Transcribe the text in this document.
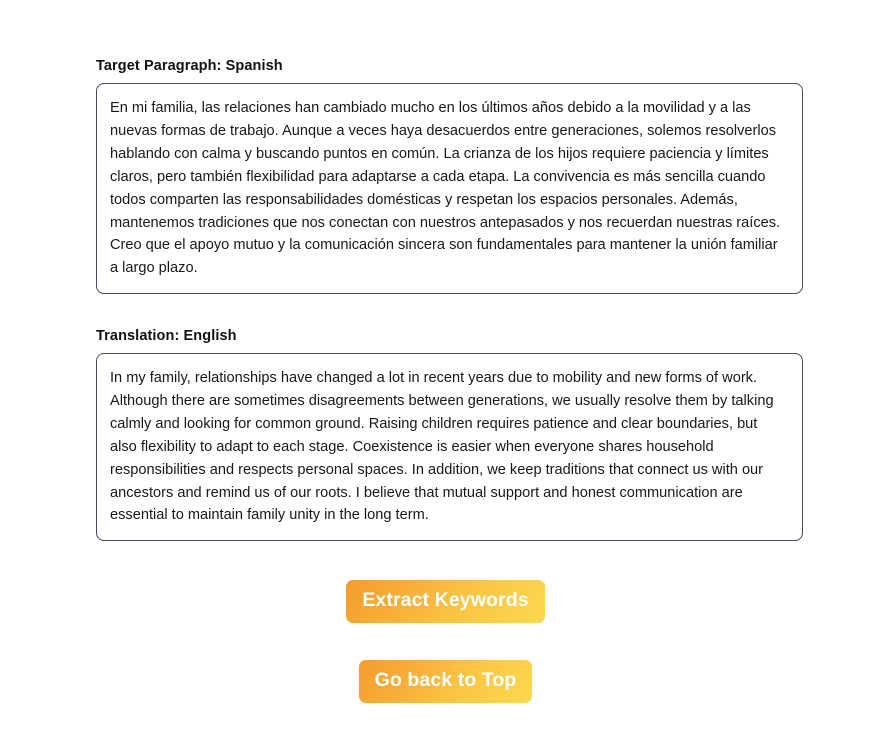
Target Paragraph: Spanish
En mi familia, las relaciones han cambiado mucho en los últimos años debido a la movilidad y a las nuevas formas de trabajo. Aunque a veces haya desacuerdos entre generaciones, solemos resolverlos hablando con calma y buscando puntos en común. La crianza de los hijos requiere paciencia y límites claros, pero también flexibilidad para adaptarse a cada etapa. La convivencia es más sencilla cuando todos comparten las responsabilidades domésticas y respetan los espacios personales. Además, mantenemos tradiciones que nos conectan con nuestros antepasados y nos recuerdan nuestras raíces. Creo que el apoyo mutuo y la comunicación sincera son fundamentales para mantener la unión familiar a largo plazo.
Translation: English
In my family, relationships have changed a lot in recent years due to mobility and new forms of work. Although there are sometimes disagreements between generations, we usually resolve them by talking calmly and looking for common ground. Raising children requires patience and clear boundaries, but also flexibility to adapt to each stage. Coexistence is easier when everyone shares household responsibilities and respects personal spaces. In addition, we keep traditions that connect us with our ancestors and remind us of our roots. I believe that mutual support and honest communication are essential to maintain family unity in the long term.
Extract Keywords
Go back to Top
